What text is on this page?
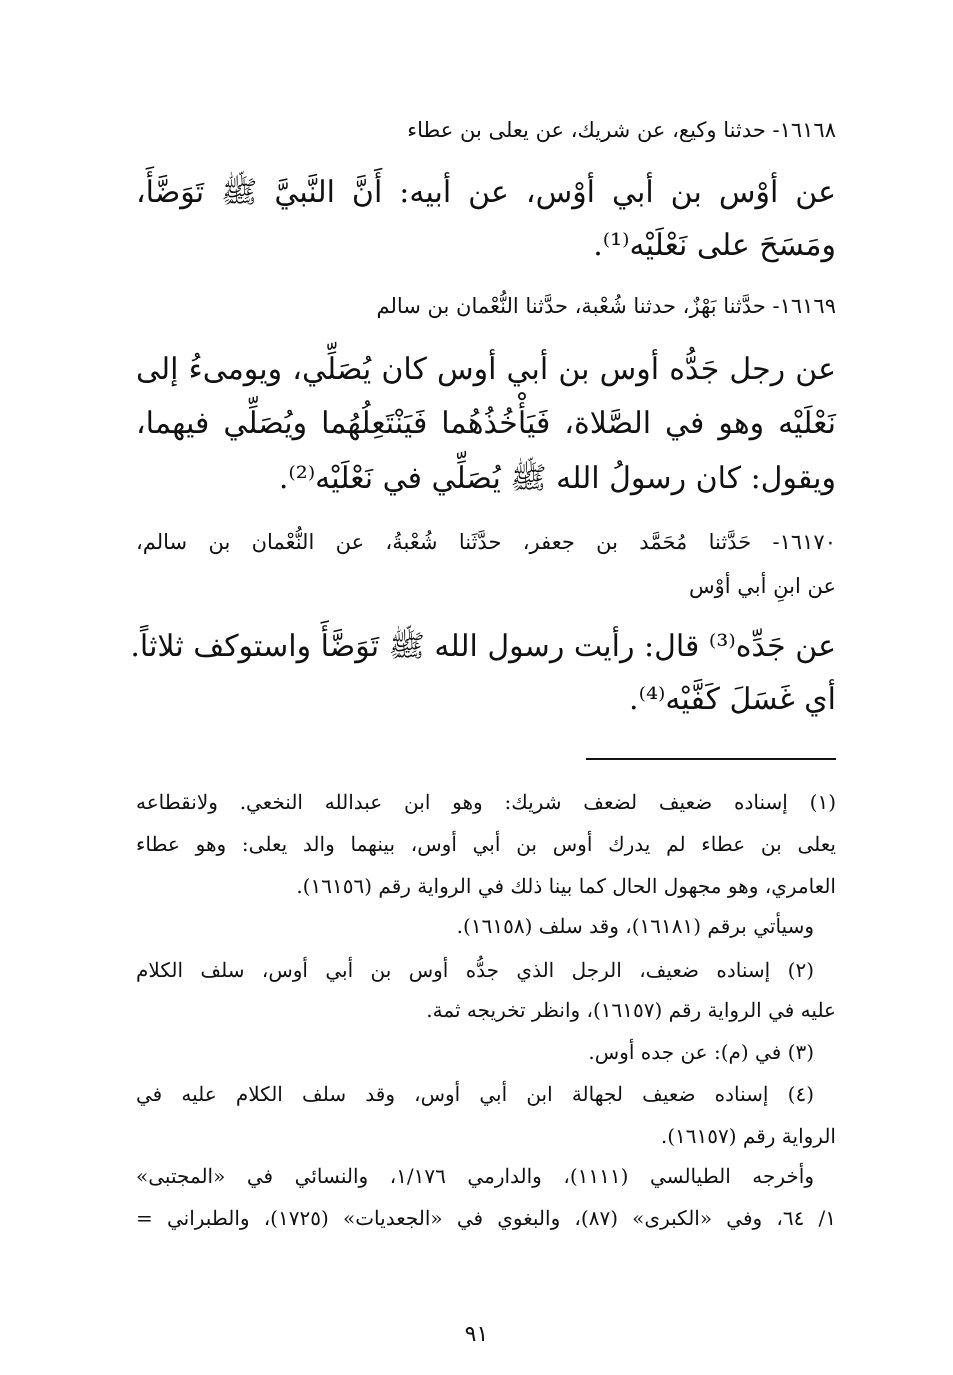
١٦١٦٨- حدثنا وكيع، عن شريك، عن يعلى بن عطاء
عن أوْس بن أبي أوْس، عن أبيه: أَنَّ النَّبيَّ ﷺ تَوَضَّأَ،
ومَسَحَ على نَعْلَيْه⁽¹⁾.
١٦١٦٩- حدَّثنا بَهْزٌ، حدثنا شُعْبة، حدَّثنا النُّعْمان بن سالم
عن رجل جَدُّه أوس بن أبي أوس كان يُصَلِّي، ويومىءُ إلى
نَعْلَيْه وهو في الصَّلاة، فَيَأْخُذُهُما فَيَنْتَعِلُهُما ويُصَلِّي فيهما،
ويقول: كان رسولُ الله ﷺ يُصَلِّي في نَعْلَيْه⁽²⁾.
١٦١٧٠- حَدَّثنا مُحَمَّد بن جعفر، حدَّثَنا شُعْبةُ، عن النُّعْمان بن سالم،
عن ابنِ أبي أوْس
عن جَدِّه⁽³⁾ قال: رأيت رسول الله ﷺ تَوَضَّأَ واستوكف ثلاثاً.
أي غَسَلَ كَفَّيْه⁽⁴⁾.
(١) إسناده ضعيف لضعف شريك: وهو ابن عبدالله النخعي. ولانقطاعه
يعلى بن عطاء لم يدرك أوس بن أبي أوس، بينهما والد يعلى: وهو عطاء
العامري، وهو مجهول الحال كما بينا ذلك في الرواية رقم (١٦١٥٦).
وسيأتي برقم (١٦١٨١)، وقد سلف (١٦١٥٨).
(٢) إسناده ضعيف، الرجل الذي جدُّه أوس بن أبي أوس، سلف الكلام
عليه في الرواية رقم (١٦١٥٧)، وانظر تخريجه ثمة.
(٣) في (م): عن جده أوس.
(٤) إسناده ضعيف لجهالة ابن أبي أوس، وقد سلف الكلام عليه في
الرواية رقم (١٦١٥٧).
وأخرجه الطيالسي (١١١١)، والدارمي ١/١٧٦، والنسائي في «المجتبى»
١/ ٦٤، وفي «الكبرى» (٨٧)، والبغوي في «الجعديات» (١٧٢٥)، والطبراني =
٩١
